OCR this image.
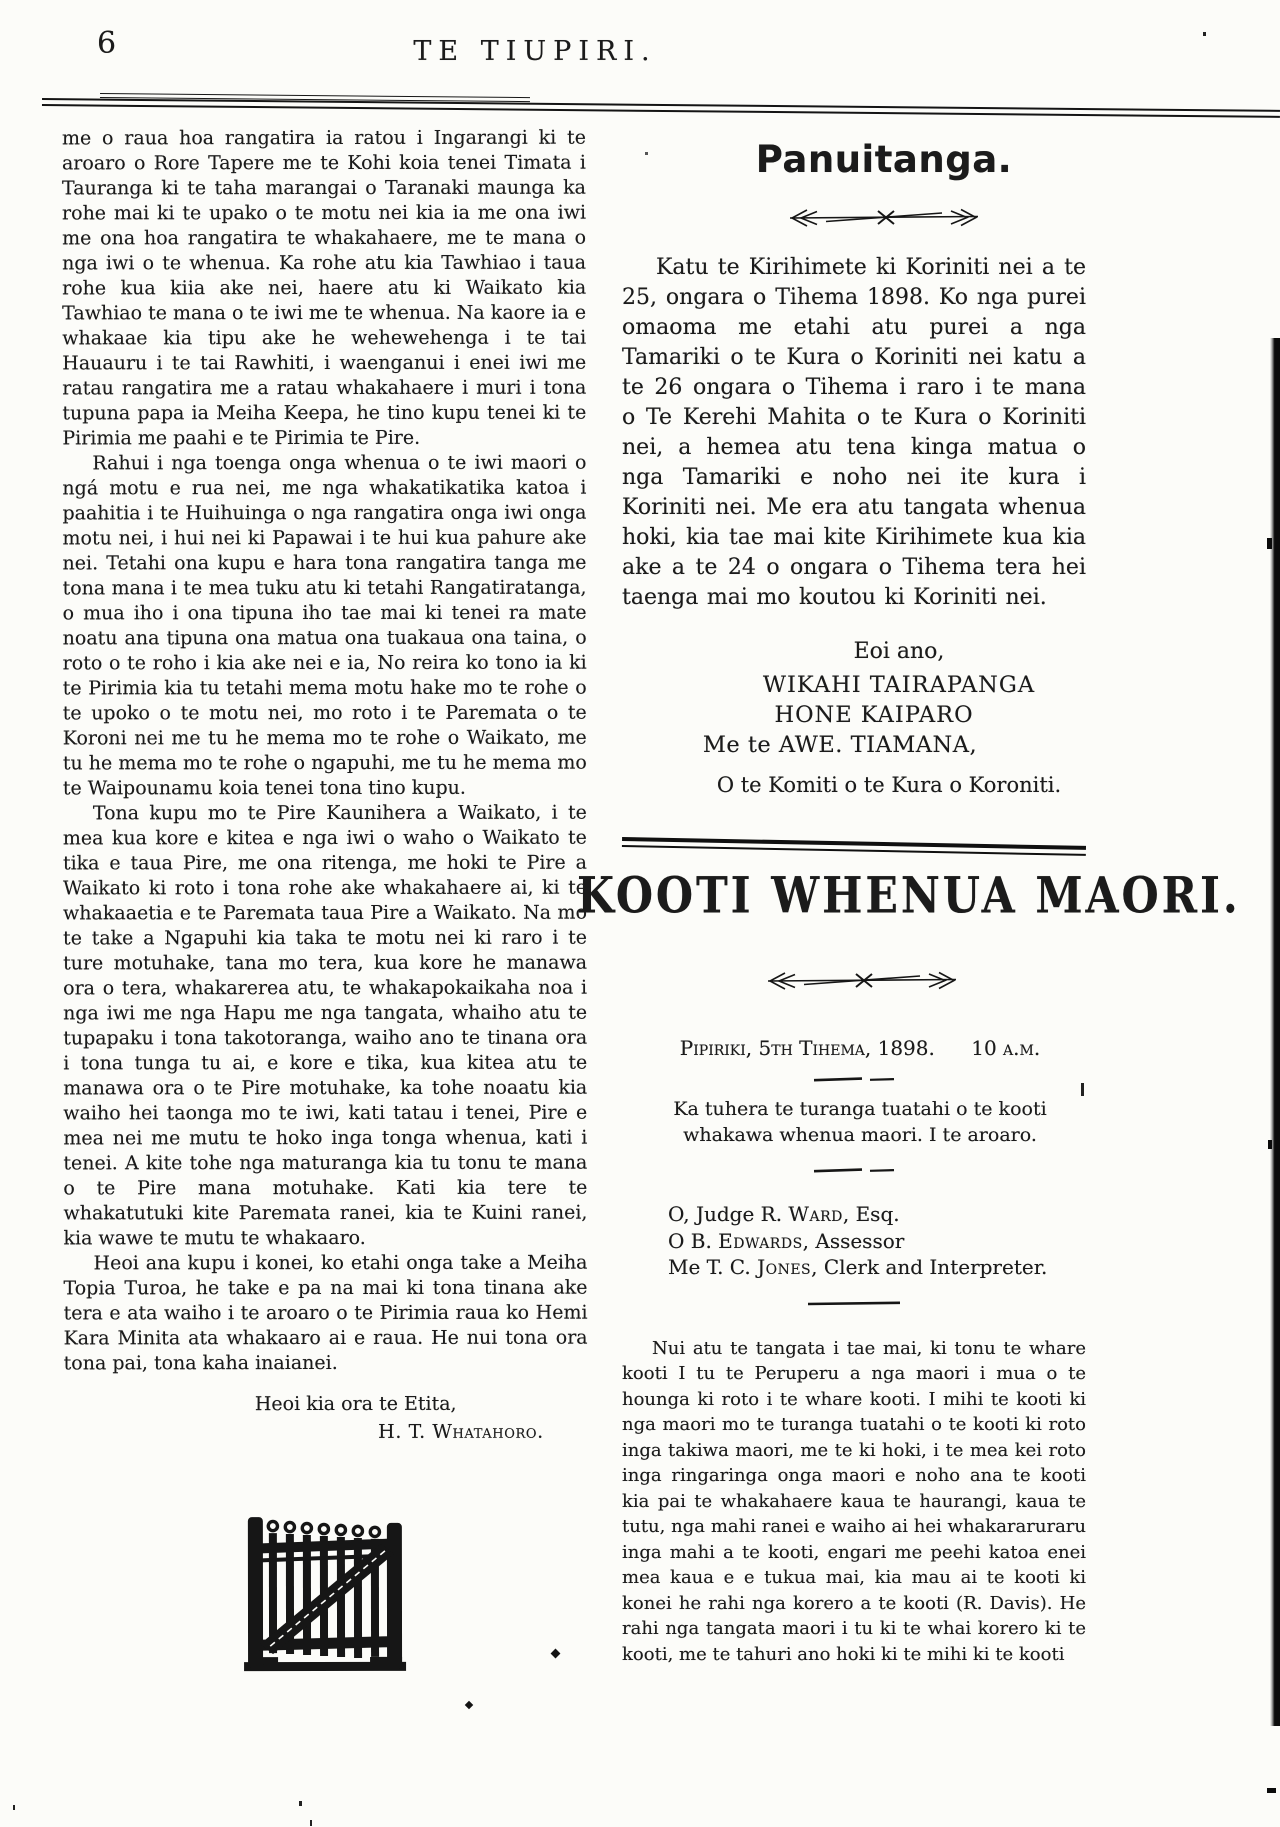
6	TE TIUPIRI.

me o raua hoa rangatira ia ratou i Ingarangi ki te aroaro o Rore Tapere me te Kohi koia tenei Timata i Tauranga ki te taha marangai o Taranaki maunga ka rohe mai ki te upako o te motu nei kia ia me ona iwi me ona hoa rangatira te whakahaere, me te mana o nga iwi o te whenua. Ka rohe atu kia Tawhiao i taua rohe kua kiia ake nei, haere atu ki Waikato kia Tawhiao te mana o te iwi me te whenua. Na kaore ia e whakaae kia tipu ake he wehewehenga i te tai Hauauru i te tai Rawhiti, i waenganui i enei iwi me ratau rangatira me a ratau whakahaere i muri i tona tupuna papa ia Meiha Keepa, he tino kupu tenei ki te Pirimia me paahi e te Pirimia te Pire.

Rahui i nga toenga onga whenua o te iwi maori o ngá motu e rua nei, me nga whakatikatika katoa i paahitia i te Huihuinga o nga rangatira onga iwi onga motu nei, i hui nei ki Papawai i te hui kua pahure ake nei. Tetahi ona kupu e hara tona rangatira tanga me tona mana i te mea tuku atu ki tetahi Rangatiratanga, o mua iho i ona tipuna iho tae mai ki tenei ra mate noatu ana tipuna ona matua ona tuakaua ona taina, o roto o te roho i kia ake nei e ia, No reira ko tono ia ki te Pirimia kia tu tetahi mema motu hake mo te rohe o te upoko o te motu nei, mo roto i te Paremata o te Koroni nei me tu he mema mo te rohe o Waikato, me tu he mema mo te rohe o ngapuhi, me tu he mema mo te Waipounamu koia tenei tona tino kupu.

Tona kupu mo te Pire Kaunihera a Waikato, i te mea kua kore e kitea e nga iwi o waho o Waikato te tika e taua Pire, me ona ritenga, me hoki te Pire a Waikato ki roto i tona rohe ake whakahaere ai, ki te whakaaetia e te Paremata taua Pire a Waikato. Na mo te take a Ngapuhi kia taka te motu nei ki raro i te ture motuhake, tana mo tera, kua kore he manawa ora o tera, whakarerea atu, te whakapokaikaha noa i nga iwi me nga Hapu me nga tangata, whaiho atu te tupapaku i tona takotoranga, waiho ano te tinana ora i tona tunga tu ai, e kore e tika, kua kitea atu te manawa ora o te Pire motuhake, ka tohe noaatu kia waiho hei taonga mo te iwi, kati tatau i tenei, Pire e mea nei me mutu te hoko inga tonga whenua, kati i tenei. A kite tohe nga maturanga kia tu tonu te mana o te Pire mana motuhake. Kati kia tere te whakatutuki kite Paremata ranei, kia te Kuini ranei, kia wawe te mutu te whakaaro.

Heoi ana kupu i konei, ko etahi onga take a Meiha Topia Turoa, he take e pa na mai ki tona tinana ake tera e ata waiho i te aroaro o te Pirimia raua ko Hemi Kara Minita ata whakaaro ai e raua. He nui tona ora tona pai, tona kaha inaianei.

Heoi kia ora te Etita,
H. T. Whatahoro.
Panuitanga.

Katu te Kirihimete ki Koriniti nei a te 25, ongara o Tihema 1898. Ko nga purei omaoma me etahi atu purei a nga Tamariki o te Kura o Koriniti nei katu a te 26 ongara o Tihema i raro i te mana o Te Kerehi Mahita o te Kura o Koriniti nei, a hemea atu tena kinga matua o nga Tamariki e noho nei ite kura i Koriniti nei. Me era atu tangata whenua hoki, kia tae mai kite Kirihimete kua kia ake a te 24 o ongara o Tihema tera hei taenga mai mo koutou ki Koriniti nei.

Eoi ano,
WIKAHI TAIRAPANGA
HONE KAIPARO
Me te AWE. TIAMANA,
O te Komiti o te Kura o Koroniti.
KOOTI WHENUA MAORI.
Pipiriki, 5th Tihema, 1898. 10 a.m.
Ka tuhera te turanga tuatahi o te kooti whakawa whenua maori. I te aroaro.
O, Judge R. Ward, Esq.
O B. Edwards, Assessor
Me T. C. Jones, Clerk and Interpreter.

Nui atu te tangata i tae mai, ki tonu te whare kooti I tu te Peruperu a nga maori i mua o te hounga ki roto i te whare kooti. I mihi te kooti ki nga maori mo te turanga tuatahi o te kooti ki roto inga takiwa maori, me te ki hoki, i te mea kei roto inga ringaringa onga maori e noho ana te kooti kia pai te whakahaere kaua te haurangi, kaua te tutu, nga mahi ranei e waiho ai hei whakararuraru inga mahi a te kooti, engari me peehi katoa enei mea kaua e e tukua mai, kia mau ai te kooti ki konei he rahi nga korero a te kooti (R. Davis). He rahi nga tangata maori i tu ki te whai korero ki te kooti, me te tahuri ano hoki ki te mihi ki te kooti
